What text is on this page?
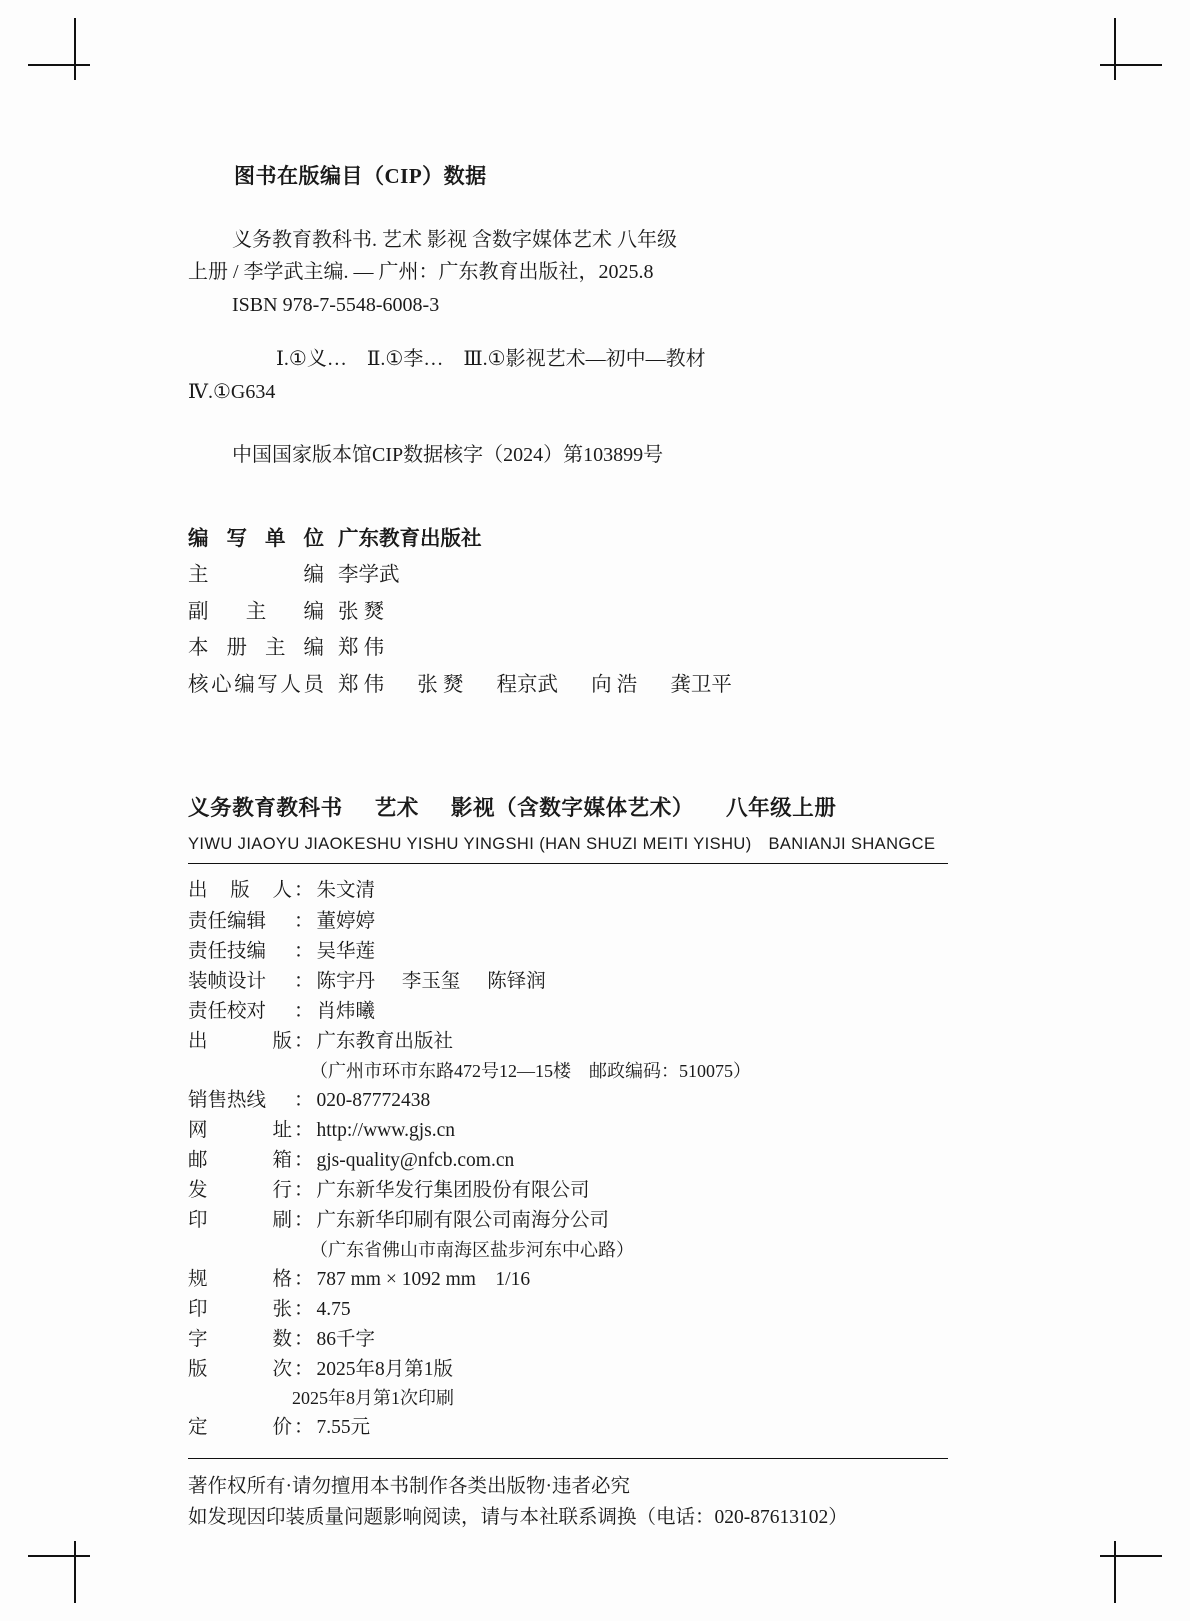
图书在版编目（CIP）数据

义务教育教科书. 艺术 影视 含数字媒体艺术 八年级

上册 / 李学武主编. — 广州：广东教育出版社，2025.8

ISBN 978-7-5548-6008-3

Ⅰ.①义…　Ⅱ.①李…　Ⅲ.①影视艺术—初中—教材

Ⅳ.①G634

中国国家版本馆CIP数据核字（2024）第103899号

编 写 单 位 广东教育出版社
主	编 李学武
副 主 编 张 燹
本 册 主 编 郑 伟
核 心 编 写 人 员 郑 伟 张 燹 程京武 向 浩 龚卫平
义务教育教科书 艺术 影视（含数字媒体艺术） 八年级上册
YIWU JIAOYU JIAOKESHU YISHU YINGSHI (HAN SHUZI MEITI YISHU)　BANIANJI SHANGCE
出 版 人 ： 朱文清
责任编辑 ： 董婷婷
责任技编 ： 吴华莲
装帧设计 ： 陈宇丹 李玉玺 陈铎润
责任校对 ： 肖炜曦
出	版 ： 广东教育出版社
（广州市环市东路472号12—15楼　邮政编码：510075）
销售热线 ： 020-87772438
网	址 ： http://www.gjs.cn
邮	箱 ： gjs-quality@nfcb.com.cn
发	行 ： 广东新华发行集团股份有限公司
印	刷 ： 广东新华印刷有限公司南海分公司
（广东省佛山市南海区盐步河东中心路）
规	格 ： 787 mm × 1092 mm　1/16
印	张 ： 4.75
字	数 ： 86千字
版	次 ： 2025年8月第1版
2025年8月第1次印刷
定	价 ： 7.55元
著作权所有·请勿擅用本书制作各类出版物·违者必究
如发现因印装质量问题影响阅读，请与本社联系调换（电话：020-87613102）
